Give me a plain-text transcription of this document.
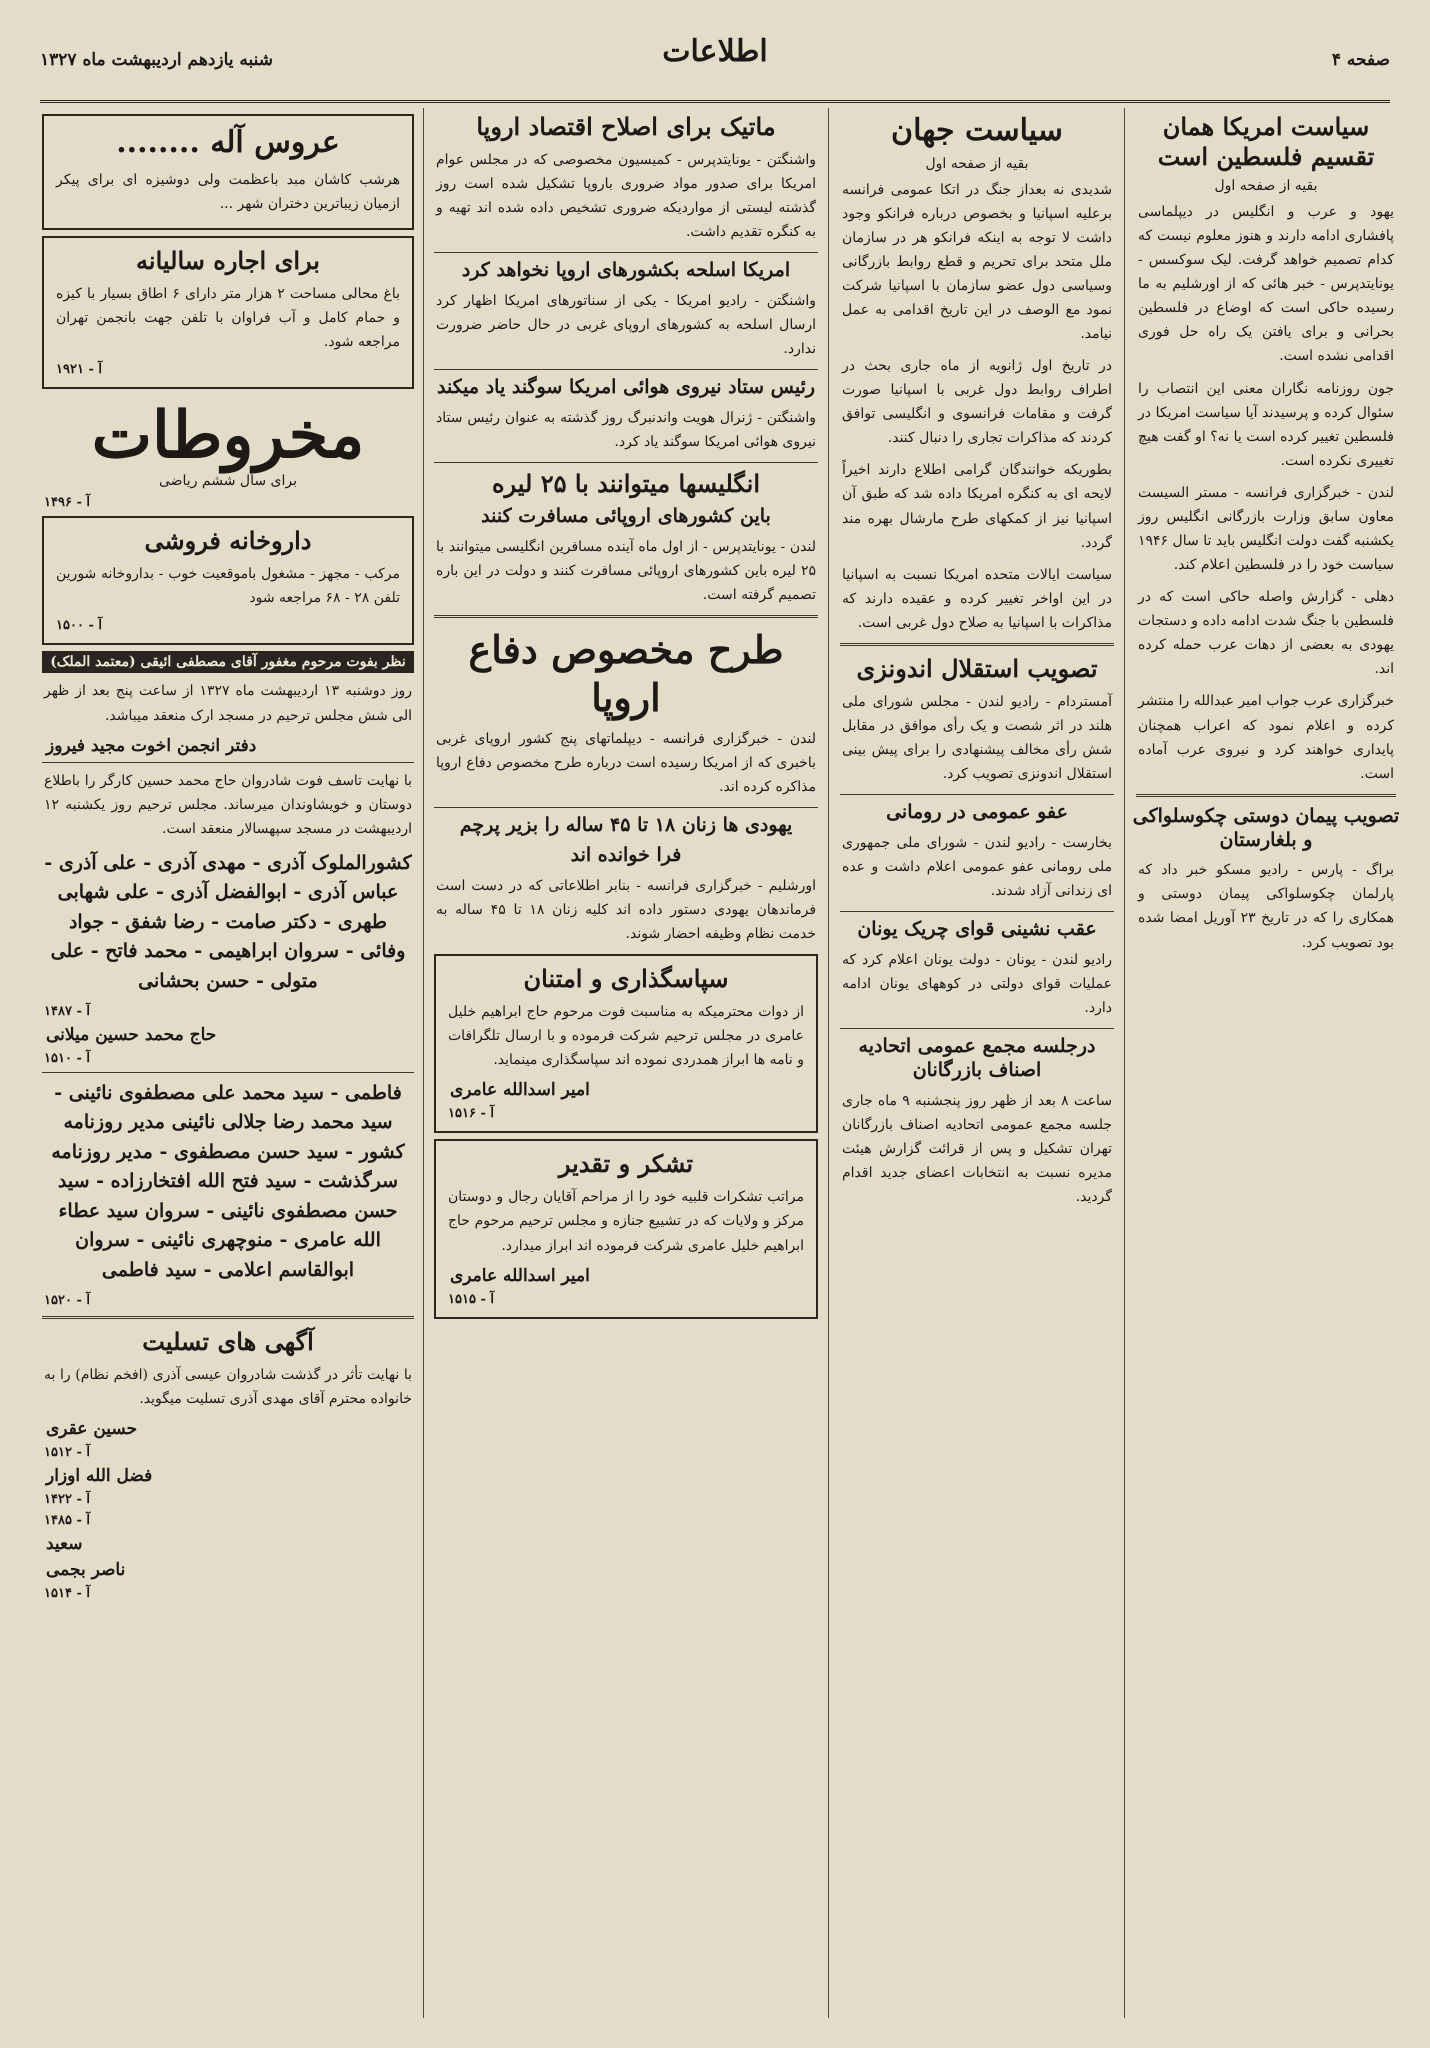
صفحه ۴
اطلاعات
شنبه یازدهم اردیبهشت ماه ۱۳۲۷
سیاست امریکا همان تقسیم فلسطین است
بقیه از صفحه اول

یهود و عرب و انگلیس در دیپلماسی پافشاری ادامه دارند و هنوز معلوم نیست که کدام تصمیم خواهد گرفت. لیک سوکسس - یونایتدپرس - خبر هائی که از اورشلیم به ما رسیده حاکی است که اوضاع در فلسطین بحرانی و برای یافتن یک راه حل فوری اقدامی نشده است.

جون روزنامه نگاران معنی این انتصاب را سئوال کرده و پرسیدند آیا سیاست امریکا در فلسطین تغییر کرده است یا نه؟ او گفت هیچ تغییری نکرده است.

لندن - خبرگزاری فرانسه - مستر السیست معاون سابق وزارت بازرگانی انگلیس روز یکشنبه گفت دولت انگلیس باید تا سال ۱۹۴۶ سیاست خود را در فلسطین اعلام کند.

دهلی - گزارش واصله حاکی است که در فلسطین با جنگ شدت ادامه داده و دستجات یهودی به بعضی از دهات عرب حمله کرده اند.

خبرگزاری عرب جواب امیر عبدالله را منتشر کرده و اعلام نمود که اعراب همچنان پایداری خواهند کرد و نیروی عرب آماده است.

تصویب پیمان دوستی چکوسلواکی و بلغارستان

براگ - پارس - رادیو مسکو خبر داد که پارلمان چکوسلواکی پیمان دوستی و همکاری را که در تاریخ ۲۳ آوریل امضا شده بود تصویب کرد.

سیاست جهان
بقیه از صفحه اول

شدیدی نه بعداز جنگ در اتکا عمومی فرانسه برعلیه اسپانیا و بخصوص درباره فرانکو وجود داشت لا توجه به اینکه فرانکو هر در سازمان ملل متحد برای تحریم و قطع روابط بازرگانی وسیاسی دول عضو سازمان با اسپانیا شرکت نمود مع الوصف در این تاریخ اقدامی به عمل نیامد.

در تاریخ اول ژانویه از ماه جاری بحث در اطراف روابط دول غربی با اسپانیا صورت گرفت و مقامات فرانسوی و انگلیسی توافق کردند که مذاکرات تجاری را دنبال کنند.

بطوریکه خوانندگان گرامی اطلاع دارند اخیراً لایحه ای به کنگره امریکا داده شد که طبق آن اسپانیا نیز از کمکهای طرح مارشال بهره مند گردد.

سیاست ایالات متحده امریکا نسبت به اسپانیا در این اواخر تغییر کرده و عقیده دارند که مذاکرات با اسپانیا به صلاح دول غربی است.

تصویب استقلال اندونزی

آمستردام - رادیو لندن - مجلس شورای ملی هلند در اثر شصت و یک رأی موافق در مقابل شش رأی مخالف پیشنهادی را برای پیش بینی استقلال اندونزی تصویب کرد.

عفو عمومی در رومانی

بخارست - رادیو لندن - شورای ملی جمهوری ملی رومانی عفو عمومی اعلام داشت و عده ای زندانی آزاد شدند.

عقب نشینی قوای چریک یونان

رادیو لندن - یونان - دولت یونان اعلام کرد که عملیات قوای دولتی در کوههای یونان ادامه دارد.

درجلسه مجمع عمومی اتحادیه اصناف بازرگانان

ساعت ۸ بعد از ظهر روز پنجشنبه ۹ ماه جاری جلسه مجمع عمومی اتحادیه اصناف بازرگانان تهران تشکیل و پس از قرائت گزارش هیئت مدیره نسبت به انتخابات اعضای جدید اقدام گردید.

ماتیک برای اصلاح اقتصاد اروپا

واشنگتن - یونایتدپرس - کمیسیون مخصوصی که در مجلس عوام امریکا برای صدور مواد ضروری باروپا تشکیل شده است روز گذشته لیستی از مواردیکه ضروری تشخیص داده شده اند تهیه و به کنگره تقدیم داشت.

امریکا اسلحه بکشورهای اروپا نخواهد کرد

واشنگتن - رادیو امریکا - یکی از سناتورهای امریکا اظهار کرد ارسال اسلحه به کشورهای اروپای غربی در حال حاضر ضرورت ندارد.

رئیس ستاد نیروی هوائی امریکا سوگند یاد میکند

واشنگتن - ژنرال هویت واندنبرگ روز گذشته به عنوان رئیس ستاد نیروی هوائی امریکا سوگند یاد کرد.

انگلیسها میتوانند با ۲۵ لیره
باین کشورهای اروپائی مسافرت کنند

لندن - یونایتدپرس - از اول ماه آینده مسافرین انگلیسی میتوانند با ۲۵ لیره باین کشورهای اروپائی مسافرت کنند و دولت در این باره تصمیم گرفته است.

طرح مخصوص دفاع اروپا

لندن - خبرگزاری فرانسه - دیپلماتهای پنج کشور اروپای غربی باخبری که از امریکا رسیده است درباره طرح مخصوص دفاع اروپا مذاکره کرده اند.

یهودی ها زنان ۱۸ تا ۴۵ ساله را بزیر پرچم
فرا خوانده اند

اورشلیم - خبرگزاری فرانسه - بنابر اطلاعاتی که در دست است فرماندهان یهودی دستور داده اند کلیه زنان ۱۸ تا ۴۵ ساله به خدمت نظام وظیفه احضار شوند.

سپاسگذاری و امتنان

از دوات محترمیکه به مناسبت فوت مرحوم حاج ابراهیم خلیل عامری در مجلس ترحیم شرکت فرموده و با ارسال تلگرافات و نامه ها ابراز همدردی نموده اند سپاسگذاری مینماید.

امیر اسدالله عامری
آ - ۱۵۱۶
تشکر و تقدیر

مراتب تشکرات قلبیه خود را از مراحم آقایان رجال و دوستان مرکز و ولایات که در تشییع جنازه و مجلس ترحیم مرحوم حاج ابراهیم خلیل عامری شرکت فرموده اند ابراز میدارد.

امیر اسدالله عامری
آ - ۱۵۱۵
عروس آله ........

هرشب کاشان مبد باعظمت ولی دوشیزه ای برای پیکر ازمیان زیباترین دختران شهر ...

برای اجاره سالیانه

باغ محالی مساحت ۲ هزار متر دارای ۶ اطاق بسیار با کیزه و حمام کامل و آب فراوان با تلفن جهت بانجمن تهران مراجعه شود.

آ - ۱۹۲۱
مخروطات
برای سال ششم ریاضی
آ - ۱۴۹۶
داروخانه فروشی

مرکب - مجهز - مشغول باموقعیت خوب - بداروخانه شورین تلفن ۲۸ - ۶۸ مراجعه شود

آ - ۱۵۰۰
نظر بفوت مرحوم مغفور آقای مصطفی ائیقی (معتمد الملک)

روز دوشنبه ۱۳ اردیبهشت ماه ۱۳۲۷ از ساعت پنج بعد از ظهر الی شش مجلس ترحیم در مسجد ارک منعقد میباشد.

دفتر انجمن اخوت مجید فیروز

با نهایت تاسف فوت شادروان حاج محمد حسین کارگر را باطلاع دوستان و خویشاوندان میرساند. مجلس ترحیم روز یکشنبه ۱۲ اردیبهشت در مسجد سپهسالار منعقد است.

کشورالملوک آذری - مهدی آذری - علی آذری - عباس آذری - ابوالفضل آذری - علی شهابی طهری - دکتر صامت - رضا شفق - جواد وفائی - سروان ابراهیمی - محمد فاتح - علی متولی - حسن بحشانی
آ - ۱۴۸۷
حاج محمد حسین میلانی
آ - ۱۵۱۰
فاطمی - سید محمد علی مصطفوی نائینی - سید محمد رضا جلالی نائینی مدیر روزنامه کشور - سید حسن مصطفوی - مدیر روزنامه سرگذشت - سید فتح الله افتخارزاده - سید حسن مصطفوی نائینی - سروان سید عطاء الله عامری - منوچهری نائینی - سروان ابوالقاسم اعلامی - سید فاطمی
آ - ۱۵۲۰
آگهی های تسلیت

با نهایت تأثر در گذشت شادروان عیسی آذری (افخم نظام) را به خانواده محترم آقای مهدی آذری تسلیت میگوید.

حسین عقری
آ - ۱۵۱۲
فضل الله اوزار
آ - ۱۴۲۲
آ - ۱۴۸۵
سعید
ناصر بجمی
آ - ۱۵۱۴
